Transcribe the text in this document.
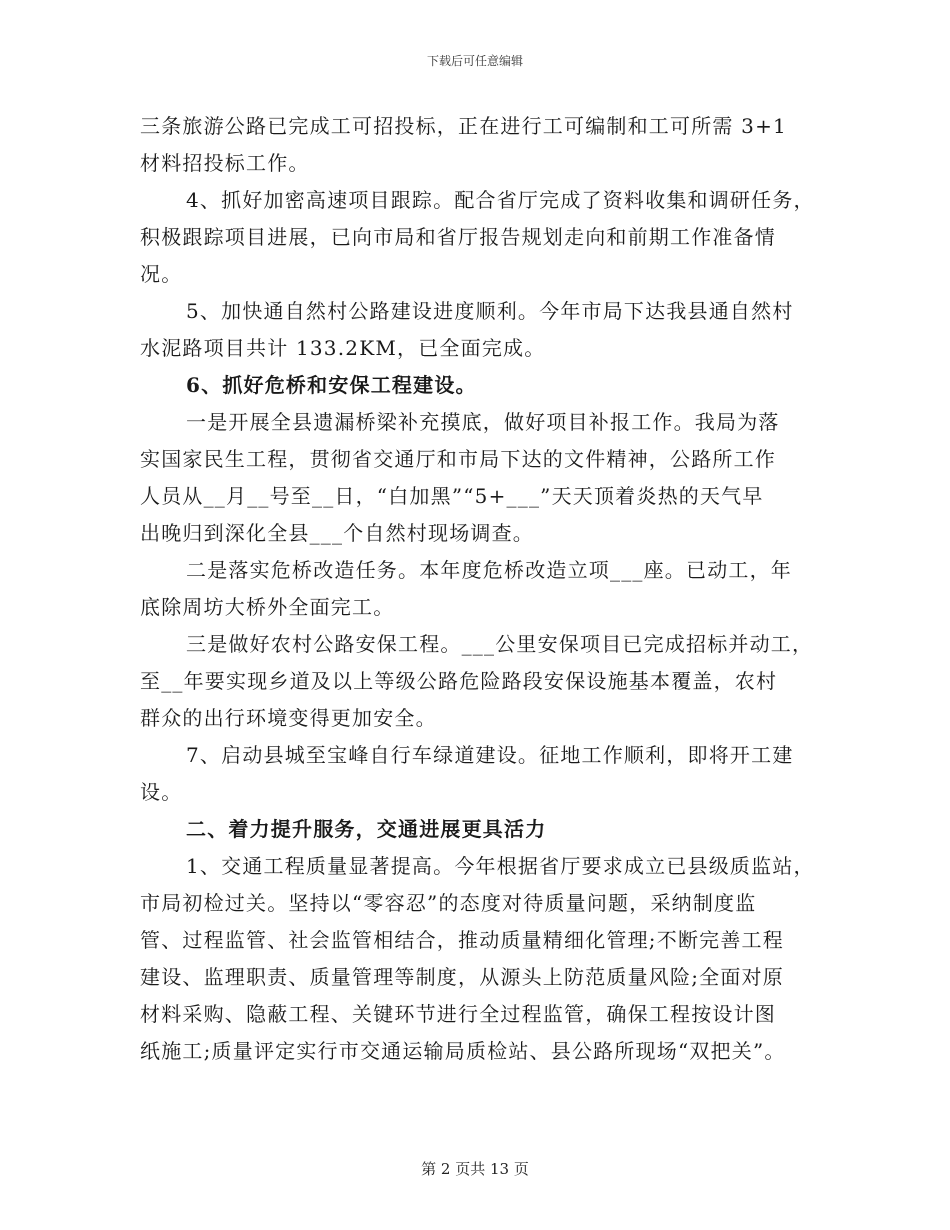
下载后可任意编辑
三条旅游公路已完成工可招投标，正在进行工可编制和工可所需 3+1
材料招投标工作。
4、抓好加密高速项目跟踪。配合省厅完成了资料收集和调研任务，
积极跟踪项目进展，已向市局和省厅报告规划走向和前期工作准备情
况。
5、加快通自然村公路建设进度顺利。今年市局下达我县通自然村
水泥路项目共计 133.2KM，已全面完成。
6、抓好危桥和安保工程建设。
一是开展全县遗漏桥梁补充摸底，做好项目补报工作。我局为落
实国家民生工程，贯彻省交通厅和市局下达的文件精神，公路所工作
人员从__月__号至__日，“白加黑”“5+___”天天顶着炎热的天气早
出晚归到深化全县___个自然村现场调查。
二是落实危桥改造任务。本年度危桥改造立项___座。已动工，年
底除周坊大桥外全面完工。
三是做好农村公路安保工程。___公里安保项目已完成招标并动工，
至__年要实现乡道及以上等级公路危险路段安保设施基本覆盖，农村
群众的出行环境变得更加安全。
7、启动县城至宝峰自行车绿道建设。征地工作顺利，即将开工建
设。
二、着力提升服务，交通进展更具活力
1、交通工程质量显著提高。今年根据省厅要求成立已县级质监站，
市局初检过关。坚持以“零容忍”的态度对待质量问题，采纳制度监
管、过程监管、社会监管相结合，推动质量精细化管理;不断完善工程
建设、监理职责、质量管理等制度，从源头上防范质量风险;全面对原
材料采购、隐蔽工程、关键环节进行全过程监管，确保工程按设计图
纸施工;质量评定实行市交通运输局质检站、县公路所现场“双把关”。
第 2 页共 13 页
